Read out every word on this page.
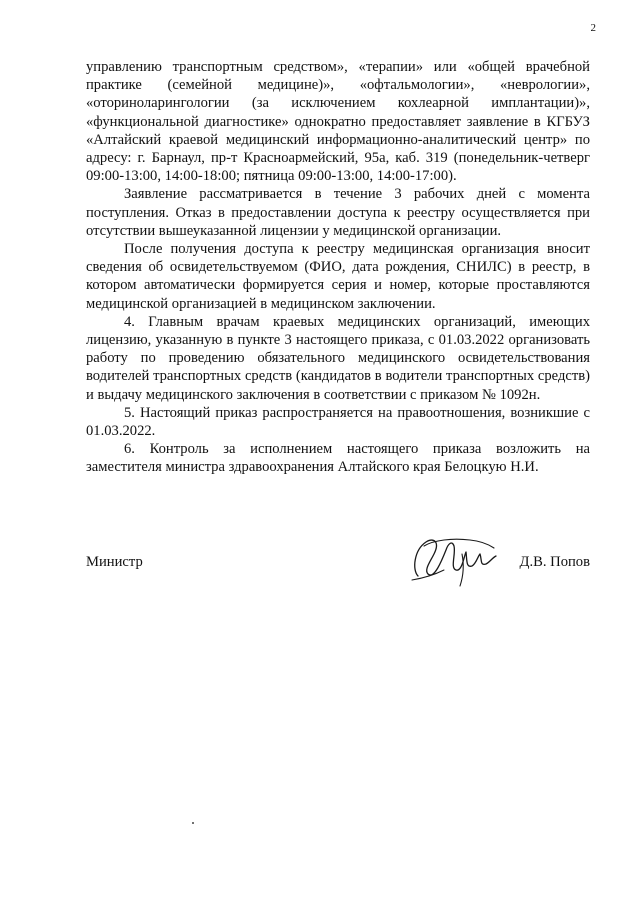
2

управлению транспортным средством», «терапии» или «общей врачебной практике (семейной медицине)», «офтальмологии», «неврологии», «оториноларингологии (за исключением кохлеарной имплантации)», «функциональной диагностике» однократно предоставляет заявление в КГБУЗ «Алтайский краевой медицинский информационно-аналитический центр» по адресу: г. Барнаул, пр-т Красноармейский, 95а, каб. 319 (понедельник-четверг 09:00-13:00, 14:00-18:00; пятница 09:00-13:00, 14:00-17:00).

Заявление рассматривается в течение 3 рабочих дней с момента поступления. Отказ в предоставлении доступа к реестру осуществляется при отсутствии вышеуказанной лицензии у медицинской организации.

После получения доступа к реестру медицинская организация вносит сведения об освидетельствуемом (ФИО, дата рождения, СНИЛС) в реестр, в котором автоматически формируется серия и номер, которые проставляются медицинской организацией в медицинском заключении.

4. Главным врачам краевых медицинских организаций, имеющих лицензию, указанную в пункте 3 настоящего приказа, с 01.03.2022 организовать работу по проведению обязательного медицинского освидетельствования водителей транспортных средств (кандидатов в водители транспортных средств) и выдачу медицинского заключения в соответствии с приказом № 1092н.

5. Настоящий приказ распространяется на правоотношения, возникшие с 01.03.2022.

6. Контроль за исполнением настоящего приказа возложить на заместителя министра здравоохранения Алтайского края Белоцкую Н.И.

Министр	Д.В. Попов
